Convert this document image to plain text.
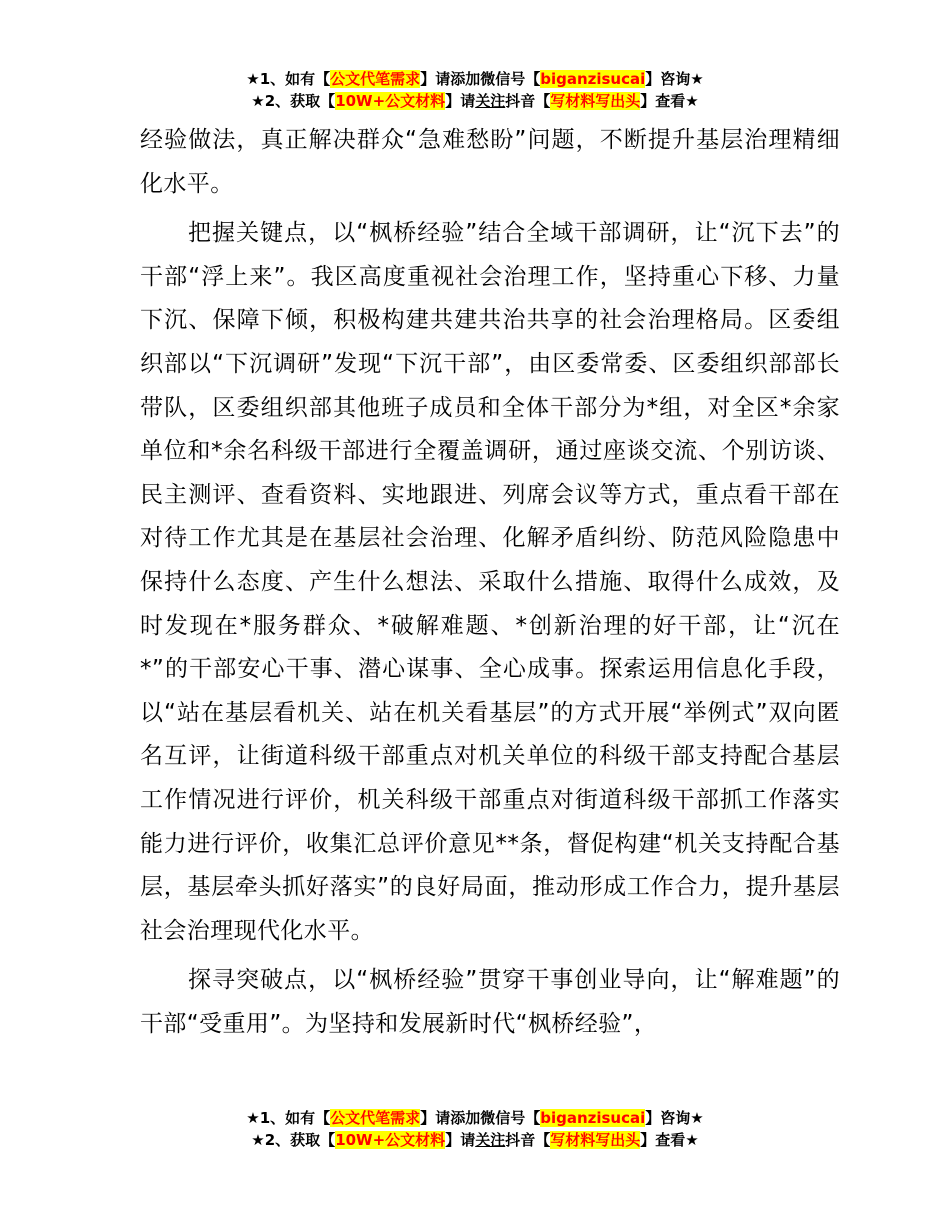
★1、如有【公文代笔需求】请添加微信号【biganzisucai】咨询★
★2、获取【10W+公文材料】请关注抖音【写材料写出头】查看★

经验做法，真正解决群众“急难愁盼”问题，不断提升基层治理精细化水平。

把握关键点，以“枫桥经验”结合全域干部调研，让“沉下去”的干部“浮上来”。我区高度重视社会治理工作，坚持重心下移、力量下沉、保障下倾，积极构建共建共治共享的社会治理格局。区委组织部以“下沉调研”发现“下沉干部”，由区委常委、区委组织部部长带队，区委组织部其他班子成员和全体干部分为*组，对全区*余家单位和*余名科级干部进行全覆盖调研，通过座谈交流、个别访谈、民主测评、查看资料、实地跟进、列席会议等方式，重点看干部在对待工作尤其是在基层社会治理、化解矛盾纠纷、防范风险隐患中保持什么态度、产生什么想法、采取什么措施、取得什么成效，及时发现在*服务群众、*破解难题、*创新治理的好干部，让“沉在*”的干部安心干事、潜心谋事、全心成事。探索运用信息化手段，以“站在基层看机关、站在机关看基层”的方式开展“举例式”双向匿名互评，让街道科级干部重点对机关单位的科级干部支持配合基层工作情况进行评价，机关科级干部重点对街道科级干部抓工作落实能力进行评价，收集汇总评价意见**条，督促构建“机关支持配合基层，基层牵头抓好落实”的良好局面，推动形成工作合力，提升基层社会治理现代化水平。

探寻突破点，以“枫桥经验”贯穿干事创业导向，让“解难题”的干部“受重用”。为坚持和发展新时代“枫桥经验”，

★1、如有【公文代笔需求】请添加微信号【biganzisucai】咨询★
★2、获取【10W+公文材料】请关注抖音【写材料写出头】查看★
